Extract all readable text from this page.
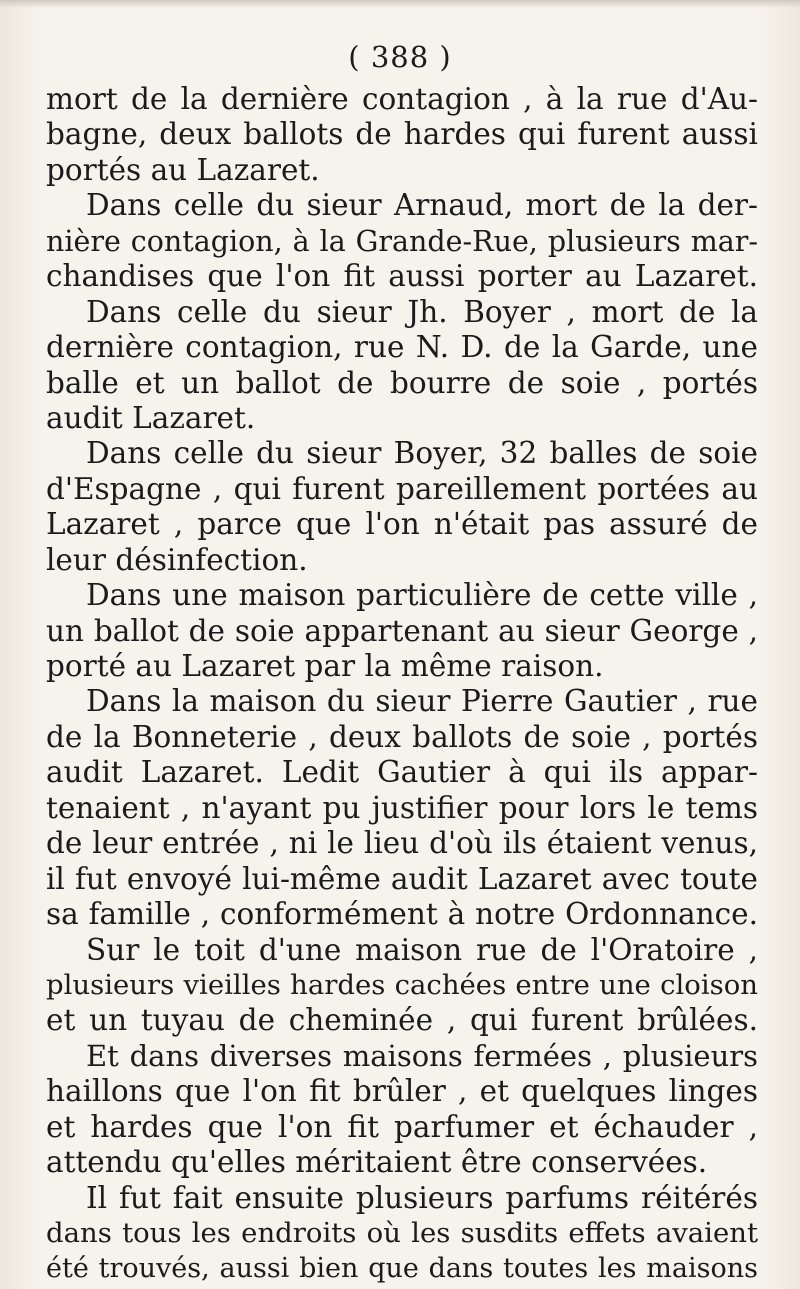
( 388 )
mort de la dernière contagion , à la rue d'Au-
bagne, deux ballots de hardes qui furent aussi
portés au Lazaret.
Dans celle du sieur Arnaud, mort de la der-
nière contagion, à la Grande-Rue, plusieurs mar-
chandises que l'on fit aussi porter au Lazaret.
Dans celle du sieur Jh. Boyer , mort de la
dernière contagion, rue N. D. de la Garde, une
balle et un ballot de bourre de soie , portés
audit Lazaret.
Dans celle du sieur Boyer, 32 balles de soie
d'Espagne , qui furent pareillement portées au
Lazaret , parce que l'on n'était pas assuré de
leur désinfection.
Dans une maison particulière de cette ville ,
un ballot de soie appartenant au sieur George ,
porté au Lazaret par la même raison.
Dans la maison du sieur Pierre Gautier , rue
de la Bonneterie , deux ballots de soie , portés
audit Lazaret. Ledit Gautier à qui ils appar-
tenaient , n'ayant pu justifier pour lors le tems
de leur entrée , ni le lieu d'où ils étaient venus,
il fut envoyé lui-même audit Lazaret avec toute
sa famille , conformément à notre Ordonnance.
Sur le toit d'une maison rue de l'Oratoire ,
plusieurs vieilles hardes cachées entre une cloison
et un tuyau de cheminée , qui furent brûlées.
Et dans diverses maisons fermées , plusieurs
haillons que l'on fit brûler , et quelques linges
et hardes que l'on fit parfumer et échauder ,
attendu qu'elles méritaient être conservées.
Il fut fait ensuite plusieurs parfums réitérés
dans tous les endroits où les susdits effets avaient
été trouvés, aussi bien que dans toutes les maisons
